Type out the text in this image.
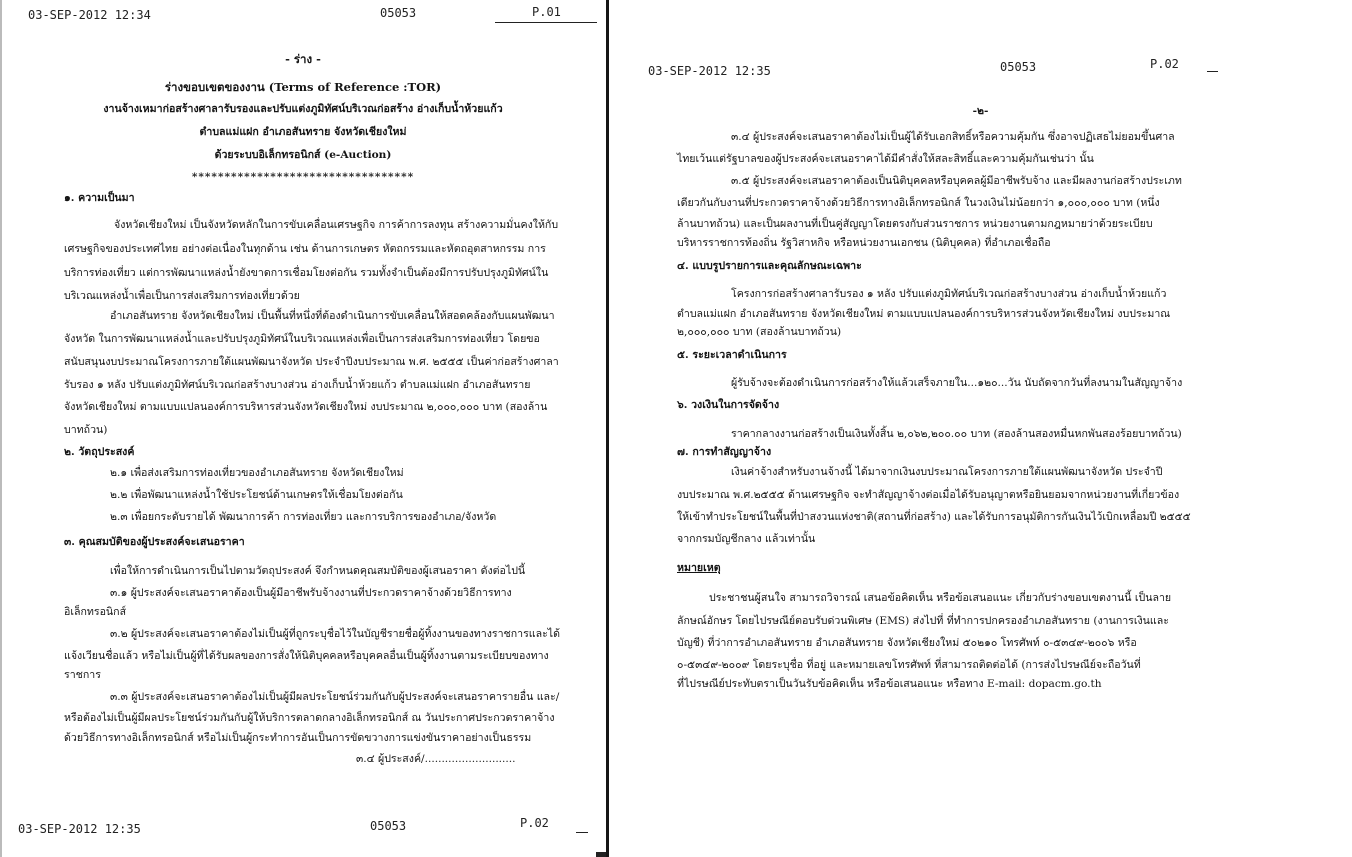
03-SEP-2012 12:34	05053	P.01
03-SEP-2012 12:35	05053	P.02
03-SEP-2012 12:35	05053	P.02
- ร่าง -
ร่างขอบเขตของงาน (Terms of Reference :TOR)
งานจ้างเหมาก่อสร้างศาลารับรองและปรับแต่งภูมิทัศน์บริเวณก่อสร้าง อ่างเก็บน้ำห้วยแก้ว
ตำบลแม่แฝก อำเภอสันทราย จังหวัดเชียงใหม่
ด้วยระบบอิเล็กทรอนิกส์ (e-Auction)
**********************************
๑. ความเป็นมา
จังหวัดเชียงใหม่ เป็นจังหวัดหลักในการขับเคลื่อนเศรษฐกิจ การค้าการลงทุน สร้างความมั่นคงให้กับ
เศรษฐกิจของประเทศไทย อย่างต่อเนื่องในทุกด้าน เช่น ด้านการเกษตร หัตถกรรมและหัตถอุตสาหกรรม การ
บริการท่องเที่ยว แต่การพัฒนาแหล่งน้ำยังขาดการเชื่อมโยงต่อกัน รวมทั้งจำเป็นต้องมีการปรับปรุงภูมิทัศน์ใน
บริเวณแหล่งน้ำเพื่อเป็นการส่งเสริมการท่องเที่ยวด้วย
อำเภอสันทราย จังหวัดเชียงใหม่ เป็นพื้นที่หนึ่งที่ต้องดำเนินการขับเคลื่อนให้สอดคล้องกับแผนพัฒนา
จังหวัด ในการพัฒนาแหล่งน้ำและปรับปรุงภูมิทัศน์ในบริเวณแหล่งเพื่อเป็นการส่งเสริมการท่องเที่ยว โดยขอ
สนับสนุนงบประมาณโครงการภายใต้แผนพัฒนาจังหวัด ประจำปีงบประมาณ พ.ศ. ๒๕๕๕ เป็นค่าก่อสร้างศาลา
รับรอง ๑ หลัง ปรับแต่งภูมิทัศน์บริเวณก่อสร้างบางส่วน อ่างเก็บน้ำห้วยแก้ว ตำบลแม่แฝก อำเภอสันทราย
จังหวัดเชียงใหม่ ตามแบบแปลนองค์การบริหารส่วนจังหวัดเชียงใหม่ งบประมาณ ๒,๐๐๐,๐๐๐ บาท (สองล้าน
บาทถ้วน)
๒. วัตถุประสงค์
๒.๑ เพื่อส่งเสริมการท่องเที่ยวของอำเภอสันทราย จังหวัดเชียงใหม่
๒.๒ เพื่อพัฒนาแหล่งน้ำใช้ประโยชน์ด้านเกษตรให้เชื่อมโยงต่อกัน
๒.๓ เพื่อยกระดับรายได้ พัฒนาการค้า การท่องเที่ยว และการบริการของอำเภอ/จังหวัด
๓. คุณสมบัติของผู้ประสงค์จะเสนอราคา
เพื่อให้การดำเนินการเป็นไปตามวัตถุประสงค์ จึงกำหนดคุณสมบัติของผู้เสนอราคา ดังต่อไปนี้
๓.๑ ผู้ประสงค์จะเสนอราคาต้องเป็นผู้มีอาชีพรับจ้างงานที่ประกวดราคาจ้างด้วยวิธีการทาง
อิเล็กทรอนิกส์
๓.๒ ผู้ประสงค์จะเสนอราคาต้องไม่เป็นผู้ที่ถูกระบุชื่อไว้ในบัญชีรายชื่อผู้ทิ้งงานของทางราชการและได้
แจ้งเวียนชื่อแล้ว หรือไม่เป็นผู้ที่ได้รับผลของการสั่งให้นิติบุคคลหรือบุคคลอื่นเป็นผู้ทิ้งงานตามระเบียบของทาง
ราชการ
๓.๓ ผู้ประสงค์จะเสนอราคาต้องไม่เป็นผู้มีผลประโยชน์ร่วมกันกับผู้ประสงค์จะเสนอราคารายอื่น และ/
หรือต้องไม่เป็นผู้มีผลประโยชน์ร่วมกันกับผู้ให้บริการตลาดกลางอิเล็กทรอนิกส์ ณ วันประกาศประกวดราคาจ้าง
ด้วยวิธีการทางอิเล็กทรอนิกส์ หรือไม่เป็นผู้กระทำการอันเป็นการขัดขวางการแข่งขันราคาอย่างเป็นธรรม
๓.๔ ผู้ประสงค์/...........................
-๒-
๓.๔ ผู้ประสงค์จะเสนอราคาต้องไม่เป็นผู้ได้รับเอกสิทธิ์หรือความคุ้มกัน ซึ่งอาจปฏิเสธไม่ยอมขึ้นศาล
ไทยเว้นแต่รัฐบาลของผู้ประสงค์จะเสนอราคาได้มีคำสั่งให้สละสิทธิ์และความคุ้มกันเช่นว่า นั้น
๓.๕ ผู้ประสงค์จะเสนอราคาต้องเป็นนิติบุคคลหรือบุคคลผู้มีอาชีพรับจ้าง และมีผลงานก่อสร้างประเภท
เดียวกันกับงานที่ประกวดราคาจ้างด้วยวิธีการทางอิเล็กทรอนิกส์ ในวงเงินไม่น้อยกว่า ๑,๐๐๐,๐๐๐ บาท (หนึ่ง
ล้านบาทถ้วน) และเป็นผลงานที่เป็นคู่สัญญาโดยตรงกับส่วนราชการ หน่วยงานตามกฎหมายว่าด้วยระเบียบ
บริหารราชการท้องถิ่น รัฐวิสาหกิจ หรือหน่วยงานเอกชน (นิติบุคคล) ที่อำเภอเชื่อถือ
๔. แบบรูปรายการและคุณลักษณะเฉพาะ
โครงการก่อสร้างศาลารับรอง ๑ หลัง ปรับแต่งภูมิทัศน์บริเวณก่อสร้างบางส่วน อ่างเก็บน้ำห้วยแก้ว
ตำบลแม่แฝก อำเภอสันทราย จังหวัดเชียงใหม่ ตามแบบแปลนองค์การบริหารส่วนจังหวัดเชียงใหม่ งบประมาณ
๒,๐๐๐,๐๐๐ บาท (สองล้านบาทถ้วน)
๕. ระยะเวลาดำเนินการ
ผู้รับจ้างจะต้องดำเนินการก่อสร้างให้แล้วเสร็จภายใน...๑๒๐...วัน นับถัดจากวันที่ลงนามในสัญญาจ้าง
๖. วงเงินในการจัดจ้าง
ราคากลางงานก่อสร้างเป็นเงินทั้งสิ้น ๒,๐๖๒,๒๐๐.๐๐ บาท (สองล้านสองหมื่นหกพันสองร้อยบาทถ้วน)
๗. การทำสัญญาจ้าง
เงินค่าจ้างสำหรับงานจ้างนี้ ได้มาจากเงินงบประมาณโครงการภายใต้แผนพัฒนาจังหวัด ประจำปี
งบประมาณ พ.ศ.๒๕๕๕ ด้านเศรษฐกิจ จะทำสัญญาจ้างต่อเมื่อได้รับอนุญาตหรือยินยอมจากหน่วยงานที่เกี่ยวข้อง
ให้เข้าทำประโยชน์ในพื้นที่ป่าสงวนแห่งชาติ(สถานที่ก่อสร้าง) และได้รับการอนุมัติการกันเงินไว้เบิกเหลื่อมปี ๒๕๕๕
จากกรมบัญชีกลาง แล้วเท่านั้น
หมายเหตุ
ประชาชนผู้สนใจ สามารถวิจารณ์ เสนอข้อคิดเห็น หรือข้อเสนอแนะ เกี่ยวกับร่างขอบเขตงานนี้ เป็นลาย
ลักษณ์อักษร โดยไปรษณีย์ตอบรับด่วนพิเศษ (EMS) ส่งไปที่ ที่ทำการปกครองอำเภอสันทราย (งานการเงินและ
บัญชี) ที่ว่าการอำเภอสันทราย อำเภอสันทราย จังหวัดเชียงใหม่ ๕๐๒๑๐ โทรศัพท์ ๐-๕๓๔๙-๒๐๐๖ หรือ
๐-๕๓๔๙-๒๐๐๙ โดยระบุชื่อ ที่อยู่ และหมายเลขโทรศัพท์ ที่สามารถติดต่อได้ (การส่งไปรษณีย์จะถือวันที่
ที่ไปรษณีย์ประทับตราเป็นวันรับข้อคิดเห็น หรือข้อเสนอแนะ หรือทาง E-mail: dopacm.go.th
